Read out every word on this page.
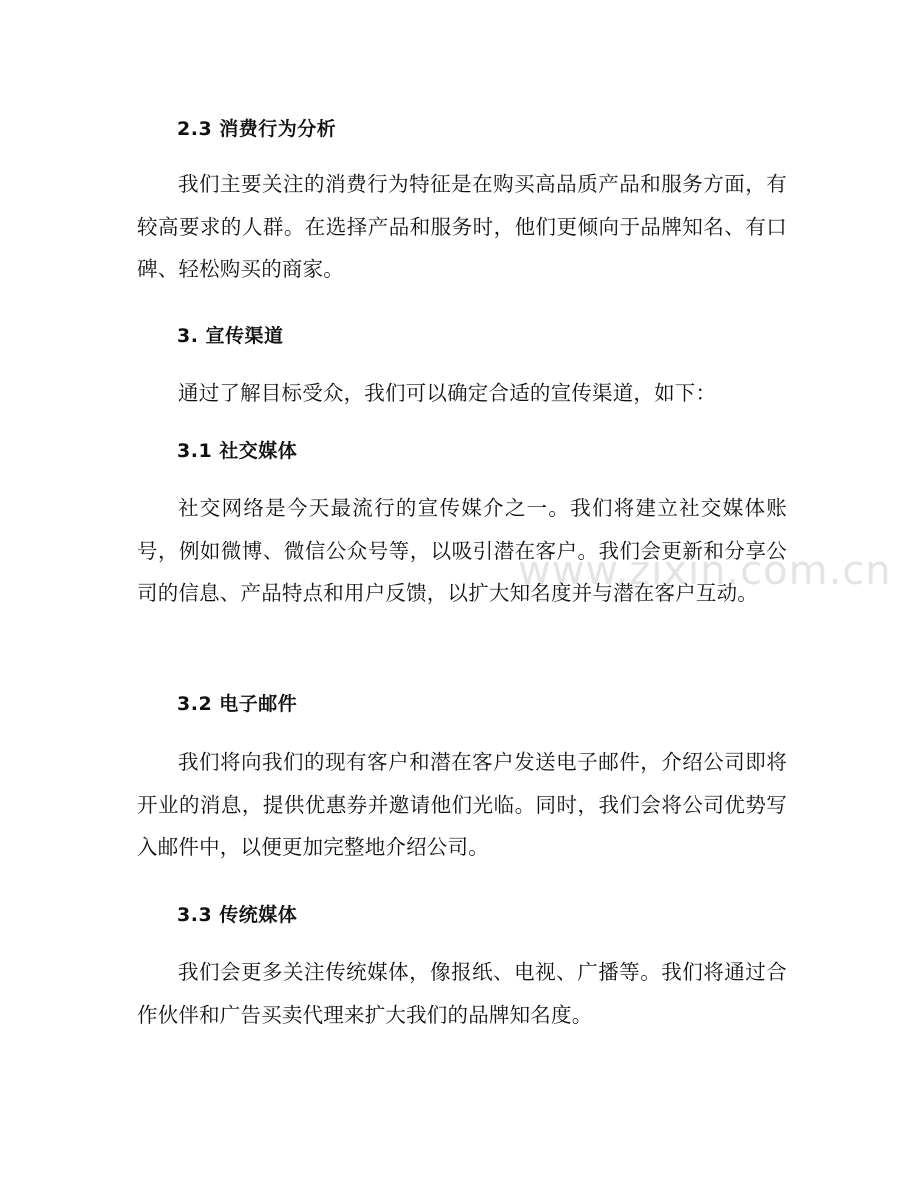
www.zixin.com.cn
2.3 消费行为分析
我们主要关注的消费行为特征是在购买高品质产品和服务方面，有较高要求的人群。在选择产品和服务时，他们更倾向于品牌知名、有口碑、轻松购买的商家。
3. 宣传渠道
通过了解目标受众，我们可以确定合适的宣传渠道，如下：
3.1 社交媒体
社交网络是今天最流行的宣传媒介之一。我们将建立社交媒体账号，例如微博、微信公众号等，以吸引潜在客户。我们会更新和分享公司的信息、产品特点和用户反馈，以扩大知名度并与潜在客户互动。
3.2 电子邮件
我们将向我们的现有客户和潜在客户发送电子邮件，介绍公司即将开业的消息，提供优惠券并邀请他们光临。同时，我们会将公司优势写入邮件中，以便更加完整地介绍公司。
3.3 传统媒体
我们会更多关注传统媒体，像报纸、电视、广播等。我们将通过合作伙伴和广告买卖代理来扩大我们的品牌知名度。
